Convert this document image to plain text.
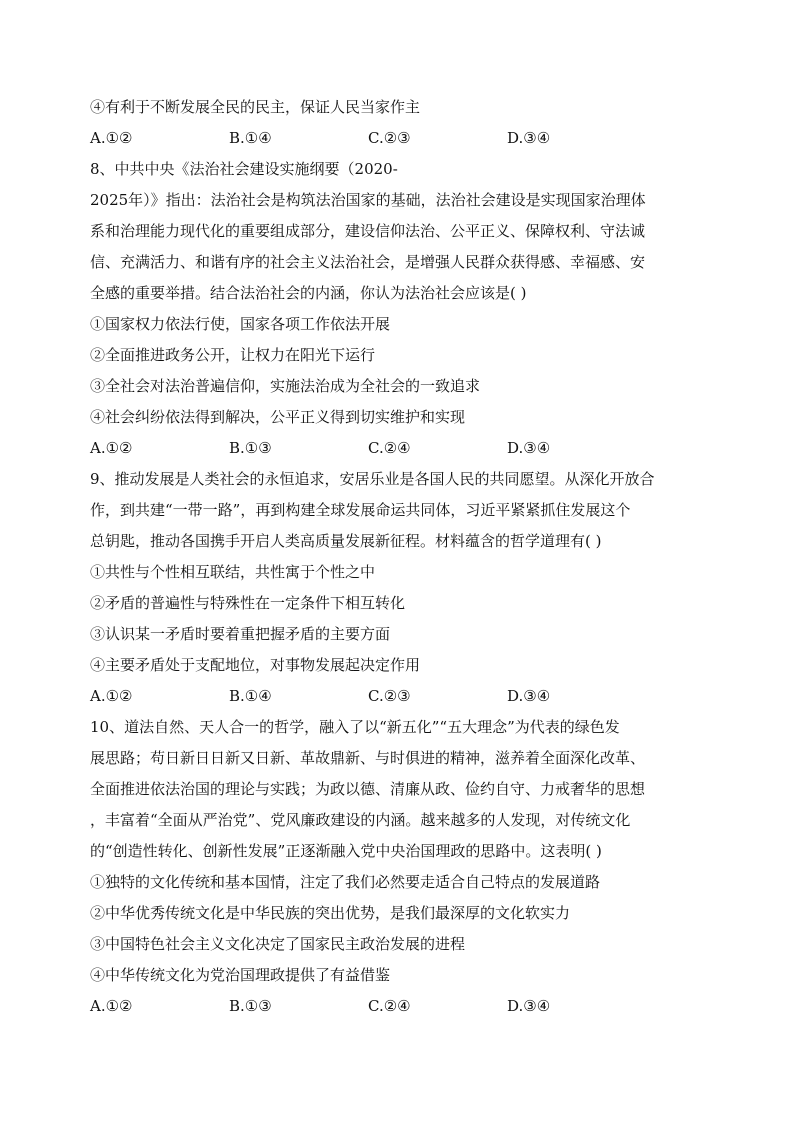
④有利于不断发展全民的民主，保证人民当家作主
A.①②	B.①④	C.②③	D.③④
8、中共中央《法治社会建设实施纲要（2020-
2025年）》指出：法治社会是构筑法治国家的基础，法治社会建设是实现国家治理体
系和治理能力现代化的重要组成部分，建设信仰法治、公平正义、保障权利、守法诚
信、充满活力、和谐有序的社会主义法治社会，是增强人民群众获得感、幸福感、安
全感的重要举措。结合法治社会的内涵，你认为法治社会应该是( )
①国家权力依法行使，国家各项工作依法开展
②全面推进政务公开，让权力在阳光下运行
③全社会对法治普遍信仰，实施法治成为全社会的一致追求
④社会纠纷依法得到解决，公平正义得到切实维护和实现
A.①②	B.①③	C.②④	D.③④
9、推动发展是人类社会的永恒追求，安居乐业是各国人民的共同愿望。从深化开放合
作，到共建“一带一路”，再到构建全球发展命运共同体，习近平紧紧抓住发展这个
总钥匙，推动各国携手开启人类高质量发展新征程。材料蕴含的哲学道理有( )
①共性与个性相互联结，共性寓于个性之中
②矛盾的普遍性与特殊性在一定条件下相互转化
③认识某一矛盾时要着重把握矛盾的主要方面
④主要矛盾处于支配地位，对事物发展起决定作用
A.①②	B.①④	C.②③	D.③④
10、道法自然、天人合一的哲学，融入了以“新五化”“五大理念”为代表的绿色发
展思路；苟日新日日新又日新、革故鼎新、与时俱进的精神，滋养着全面深化改革、
全面推进依法治国的理论与实践；为政以德、清廉从政、俭约自守、力戒奢华的思想
，丰富着“全面从严治党”、党风廉政建设的内涵。越来越多的人发现，对传统文化
的“创造性转化、创新性发展”正逐渐融入党中央治国理政的思路中。这表明( )
①独特的文化传统和基本国情，注定了我们必然要走适合自己特点的发展道路
②中华优秀传统文化是中华民族的突出优势，是我们最深厚的文化软实力
③中国特色社会主义文化决定了国家民主政治发展的进程
④中华传统文化为党治国理政提供了有益借鉴
A.①②	B.①③	C.②④	D.③④
